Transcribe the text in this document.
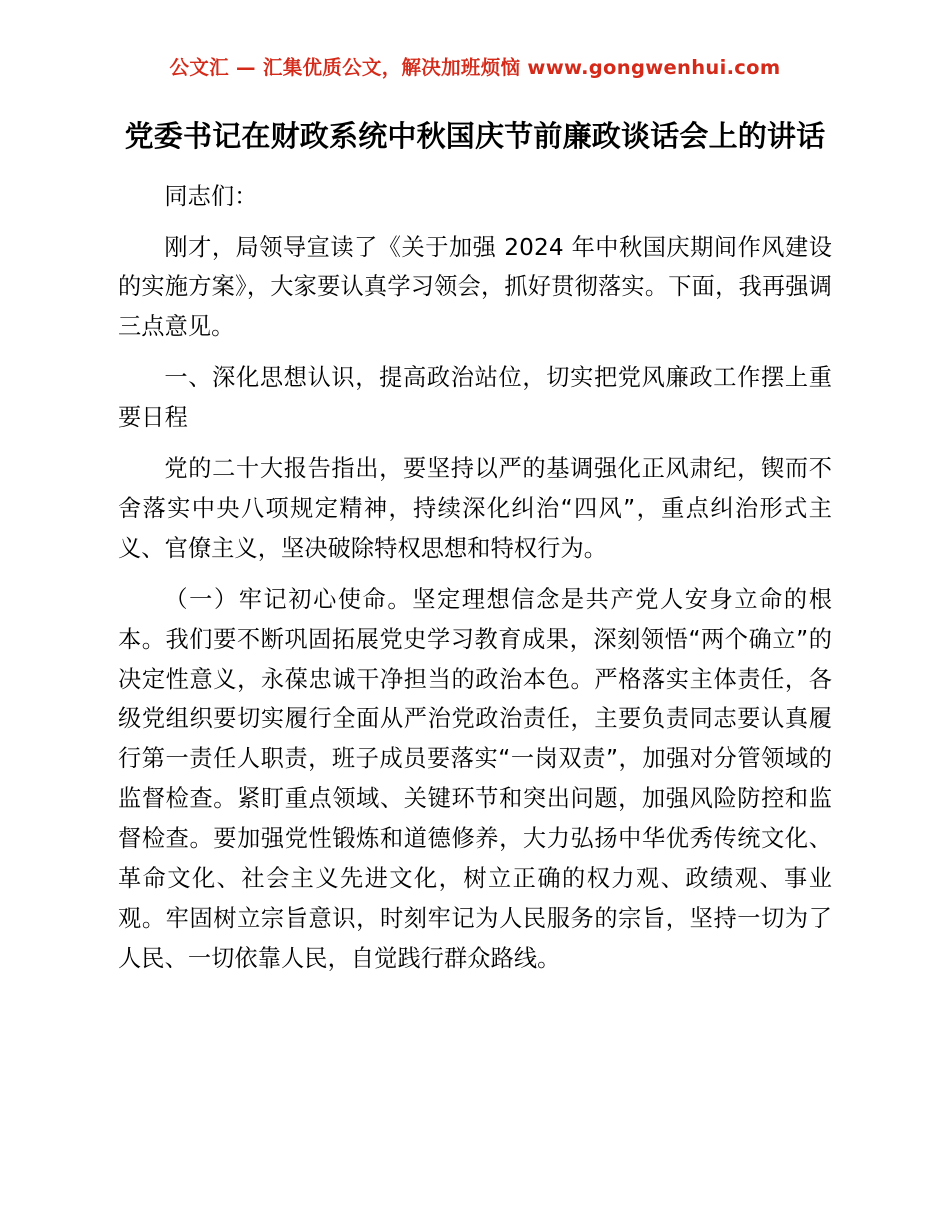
公文汇 — 汇集优质公文，解决加班烦恼 www.gongwenhui.com
党委书记在财政系统中秋国庆节前廉政谈话会上的讲话

同志们：

刚才，局领导宣读了《关于加强 2024 年中秋国庆期间作风建设的实施方案》，大家要认真学习领会，抓好贯彻落实。下面，我再强调三点意见。

一、深化思想认识，提高政治站位，切实把党风廉政工作摆上重要日程

党的二十大报告指出，要坚持以严的基调强化正风肃纪，锲而不舍落实中央八项规定精神，持续深化纠治“四风”，重点纠治形式主义、官僚主义，坚决破除特权思想和特权行为。

（一）牢记初心使命。坚定理想信念是共产党人安身立命的根本。我们要不断巩固拓展党史学习教育成果，深刻领悟“两个确立”的决定性意义，永葆忠诚干净担当的政治本色。严格落实主体责任，各级党组织要切实履行全面从严治党政治责任，主要负责同志要认真履行第一责任人职责，班子成员要落实“一岗双责”，加强对分管领域的监督检查。紧盯重点领域、关键环节和突出问题，加强风险防控和监督检查。要加强党性锻炼和道德修养，大力弘扬中华优秀传统文化、革命文化、社会主义先进文化，树立正确的权力观、政绩观、事业观。牢固树立宗旨意识，时刻牢记为人民服务的宗旨，坚持一切为了人民、一切依靠人民，自觉践行群众路线。
